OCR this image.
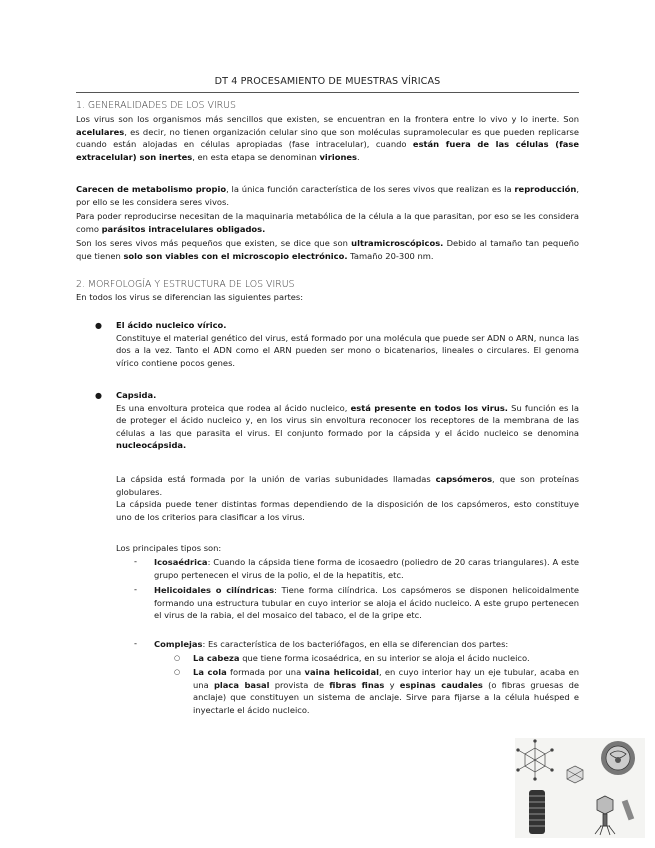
DT 4 PROCESAMIENTO DE MUESTRAS VÍRICAS
1. GENERALIDADES DE LOS VIRUS
Los virus son los organismos más sencillos que existen, se encuentran en la frontera entre lo vivo y lo inerte. Son acelulares, es decir, no tienen organización celular sino que son moléculas supramolecular es que pueden replicarse cuando están alojadas en células apropiadas (fase intracelular), cuando están fuera de las células (fase extracelular) son inertes, en esta etapa se denominan viriones.
Carecen de metabolismo propio, la única función característica de los seres vivos que realizan es la reproducción, por ello se les considera seres vivos.
Para poder reproducirse necesitan de la maquinaria metabólica de la célula a la que parasitan, por eso se les considera como parásitos intracelulares obligados.
Son los seres vivos más pequeños que existen, se dice que son ultramicroscópicos. Debido al tamaño tan pequeño que tienen solo son viables con el microscopio electrónico. Tamaño 20-300 nm.
2. MORFOLOGÍA Y ESTRUCTURA DE LOS VIRUS
En todos los virus se diferencian las siguientes partes:
● El ácido nucleico vírico.
Constituye el material genético del virus, está formado por una molécula que puede ser ADN o ARN, nunca las dos a la vez. Tanto el ADN como el ARN pueden ser mono o bicatenarios, lineales o circulares. El genoma vírico contiene pocos genes.
● Capsida.
Es una envoltura proteica que rodea al ácido nucleico, está presente en todos los virus. Su función es la de proteger el ácido nucleico y, en los virus sin envoltura reconocer los receptores de la membrana de las células a las que parasita el virus. El conjunto formado por la cápsida y el ácido nucleico se denomina nucleocápsida.
La cápsida está formada por la unión de varias subunidades llamadas capsómeros, que son proteínas globulares.
La cápsida puede tener distintas formas dependiendo de la disposición de los capsómeros, esto constituye uno de los criterios para clasificar a los virus.
Los principales tipos son:
- Icosaédrica: Cuando la cápsida tiene forma de icosaedro (poliedro de 20 caras triangulares). A este grupo pertenecen el virus de la polio, el de la hepatitis, etc.
- Helicoidales o cilíndricas: Tiene forma cilíndrica. Los capsómeros se disponen helicoidalmente formando una estructura tubular en cuyo interior se aloja el ácido nucleico. A este grupo pertenecen el virus de la rabia, el del mosaico del tabaco, el de la gripe etc.
- Complejas: Es característica de los bacteriófagos, en ella se diferencian dos partes:
○ La cabeza que tiene forma icosaédrica, en su interior se aloja el ácido nucleico.
○ La cola formada por una vaina helicoidal, en cuyo interior hay un eje tubular, acaba en una placa basal provista de fibras finas y espinas caudales (o fibras gruesas de anclaje) que constituyen un sistema de anclaje. Sirve para fijarse a la célula huésped e inyectarle el ácido nucleico.
